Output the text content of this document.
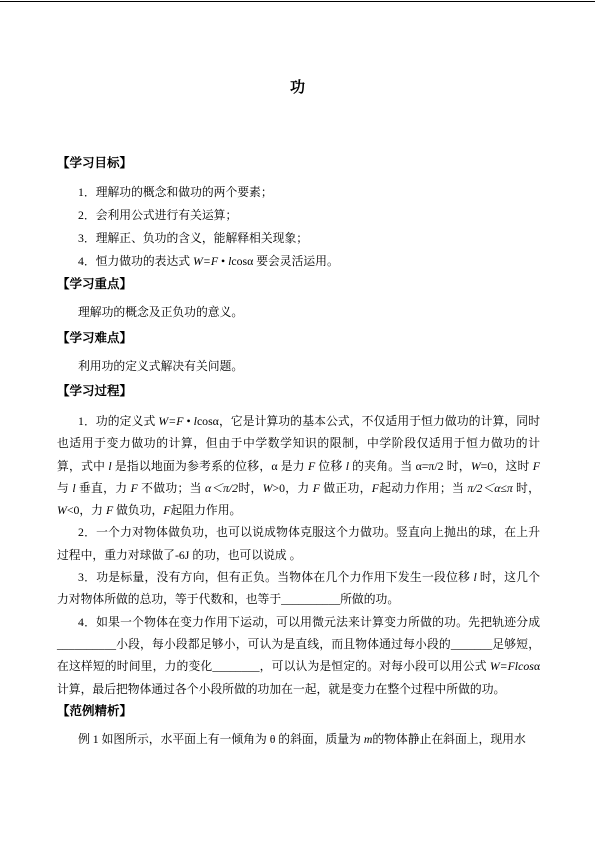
功
【学习目标】

1．理解功的概念和做功的两个要素；

2．会利用公式进行有关运算；

3．理解正、负功的含义，能解释相关现象；

4．恒力做功的表达式 W=F • lcosα 要会灵活运用。

【学习重点】

理解功的概念及正负功的意义。

【学习难点】

利用功的定义式解决有关问题。

【学习过程】

1．功的定义式 W=F • lcosα，它是计算功的基本公式，不仅适用于恒力做功的计算，同时也适用于变力做功的计算，但由于中学数学知识的限制，中学阶段仅适用于恒力做功的计算，式中 l 是指以地面为参考系的位移，α 是力 F 位移 l 的夹角。当 α=π/2 时，W=0，这时 F 与 l 垂直，力 F 不做功；当 α＜π/2时，W>0，力 F 做正功，F起动力作用；当 π/2＜α≤π 时，W<0，力 F 做负功，F起阻力作用。

2．一个力对物体做负功，也可以说成物体克服这个力做功。竖直向上抛出的球，在上升过程中，重力对球做了-6J 的功，也可以说成 。

3．功是标量，没有方向，但有正负。当物体在几个力作用下发生一段位移 l 时，这几个力对物体所做的总功，等于代数和，也等于__________所做的功。

4．如果一个物体在变力作用下运动，可以用微元法来计算变力所做的功。先把轨迹分成__________小段，每小段都足够小，可认为是直线，而且物体通过每小段的_______足够短，在这样短的时间里，力的变化________，可以认为是恒定的。对每小段可以用公式 W=Flcosα 计算，最后把物体通过各个小段所做的功加在一起，就是变力在整个过程中所做的功。

【范例精析】

例 1 如图所示，水平面上有一倾角为 θ 的斜面，质量为 m的物体静止在斜面上，现用水
